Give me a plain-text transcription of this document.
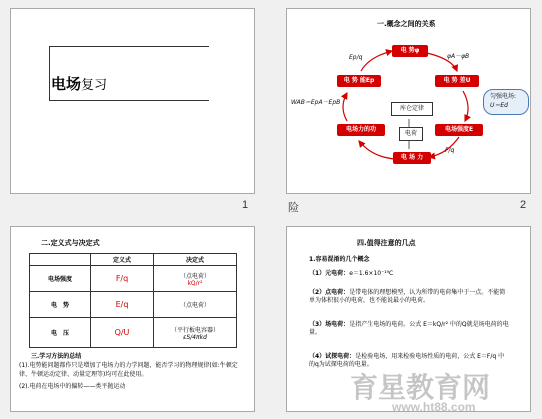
电场复习
1
一.概念之间的关系
电 势φ
电 势 差U
电 势 能Ep
电场强度E
电场力的功
电 场 力
库仑定律
电荷
Ep/q	φA－φB
WAB＝EpA－EpB
F/q
匀强电场:
U＝Ed
险	2
二.定义式与决定式
	定义式	决定式
电场强度	F/q	（点电荷）
kQ/r²

电　势	E/q	（点电荷）

电　压	Q/U	（平行板电容器）
εS/4πkd
三.学习方法的总结
(1).电势能问题都作只是增加了电场力的力学问题，能否学习的物理规律(如:牛顿定律、牛顿运动定律、动量定理等)均可在此使用。
(2).电荷在电场中的偏转——类平抛运动
四.值得注意的几点
1.容易混淆的几个概念
（1）元电荷：e＝1.6×10⁻¹⁹C
（2）点电荷：是带电体的理想模型，认为所带的电荷集中于一点。不能简单为体积很小的电荷，也不能说最小的电荷。
（3）场电荷：是指产生电场的电荷。公式 E＝kQ/r² 中的Q就是场电荷的电量。
（4）试探电荷：是检验电场，用来检验电场性质的电荷，公式 E＝F/q 中的q为试探电荷的电量。
育星教育网
www.ht88.com
